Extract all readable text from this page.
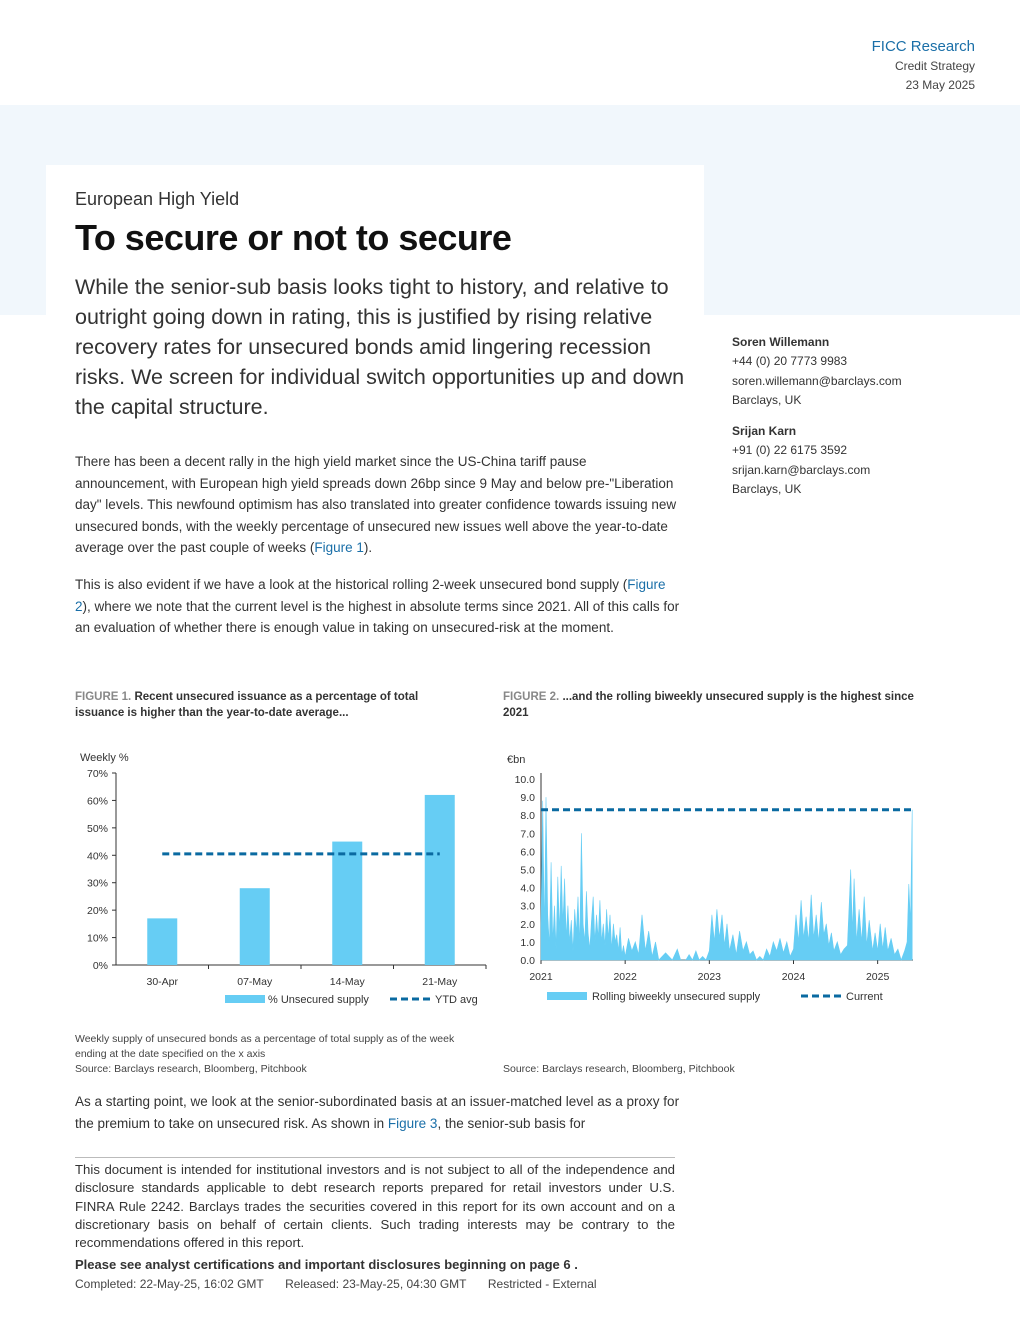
FICC Research
Credit Strategy
23 May 2025
European High Yield
To secure or not to secure
While the senior-sub basis looks tight to history, and relative to outright going down in rating, this is justified by rising relative recovery rates for unsecured bonds amid lingering recession risks. We screen for individual switch opportunities up and down the capital structure.
Soren Willemann
+44 (0) 20 7773 9983
soren.willemann@barclays.com
Barclays, UK
Srijan Karn
+91 (0) 22 6175 3592
srijan.karn@barclays.com
Barclays, UK
There has been a decent rally in the high yield market since the US-China tariff pause announcement, with European high yield spreads down 26bp since 9 May and below pre-"Liberation day" levels. This newfound optimism has also translated into greater confidence towards issuing new unsecured bonds, with the weekly percentage of unsecured new issues well above the year-to-date average over the past couple of weeks (Figure 1).
This is also evident if we have a look at the historical rolling 2-week unsecured bond supply (Figure 2), where we note that the current level is the highest in absolute terms since 2021. All of this calls for an evaluation of whether there is enough value in taking on unsecured-risk at the moment.
FIGURE 1. Recent unsecured issuance as a percentage of total issuance is higher than the year-to-date average...
FIGURE 2. ...and the rolling biweekly unsecured supply is the highest since 2021
Weekly %
0%
10%
20%
30%
40%
50%
60%
70%
30-Apr	07-May	14-May	21-May
% Unsecured supply	YTD avg
€bn
0.0
1.0
2.0
3.0
4.0
5.0
6.0
7.0
8.0
9.0
10.0
2021	2022	2023	2024	2025
Rolling biweekly unsecured supply	Current
Weekly supply of unsecured bonds as a percentage of total supply as of the week ending at the date specified on the x axis
Source: Barclays research, Bloomberg, Pitchbook	Source: Barclays research, Bloomberg, Pitchbook
As a starting point, we look at the senior-subordinated basis at an issuer-matched level as a proxy for the premium to take on unsecured risk. As shown in Figure 3, the senior-sub basis for
This document is intended for institutional investors and is not subject to all of the independence and disclosure standards applicable to debt research reports prepared for retail investors under U.S. FINRA Rule 2242. Barclays trades the securities covered in this report for its own account and on a discretionary basis on behalf of certain clients. Such trading interests may be contrary to the recommendations offered in this report.
Please see analyst certifications and important disclosures beginning on page 6 .
Completed: 22-May-25, 16:02 GMT Released: 23-May-25, 04:30 GMT Restricted - External
